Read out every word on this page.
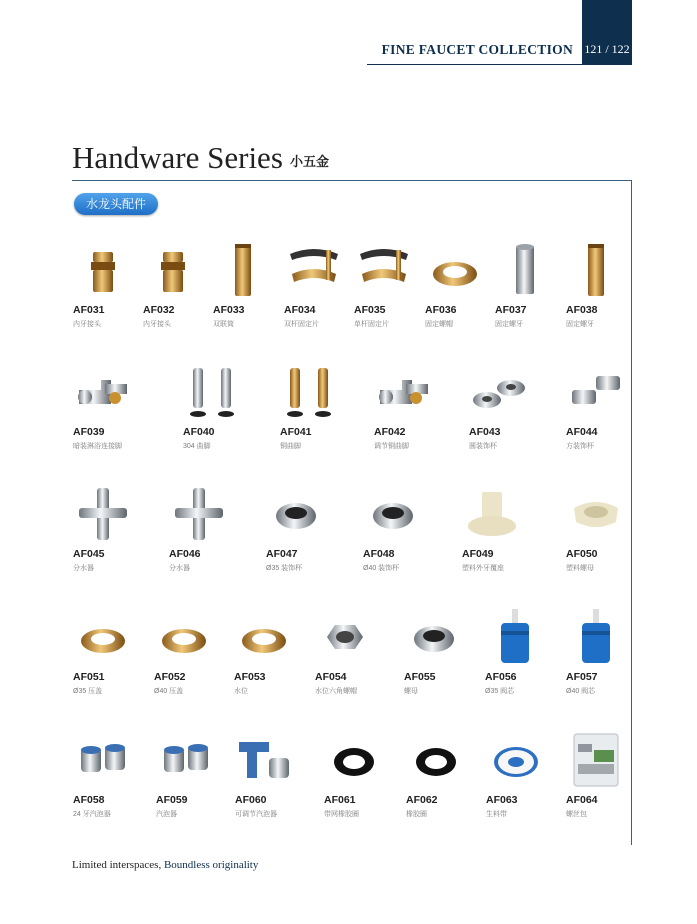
121 / 122
FINE FAUCET COLLECTION
Handware Series 小五金
水龙头配件
AF031
内牙接头
AF032
内牙接头
AF033
双联筒
AF034
双杆固定片
AF035
单杆固定片
AF036
固定螺帽
AF037
固定螺牙
AF038
固定螺牙
AF039
暗装淋浴连接脚
AF040
304 曲脚
AF041
铜曲脚
AF042
调节铜曲脚
AF043
圆装饰杯
AF044
方装饰杯
AF045
分水器
AF046
分水器
AF047
Ø35 装饰杯
AF048
Ø40 装饰杯
AF049
塑料外牙覆座
AF050
塑料螺母
AF051
Ø35 压盖
AF052
Ø40 压盖
AF053
水位
AF054
水位六角螺帽
AF055
螺母
AF056
Ø35 阀芯
AF057
Ø40 阀芯
AF058
24 牙汽泡器
AF059
汽泡器
AF060
可调节汽泡器
AF061
带网橡胶圈
AF062
橡胶圈
AF063
生料带
AF064
螺丝包
Limited interspaces, Boundless originality
